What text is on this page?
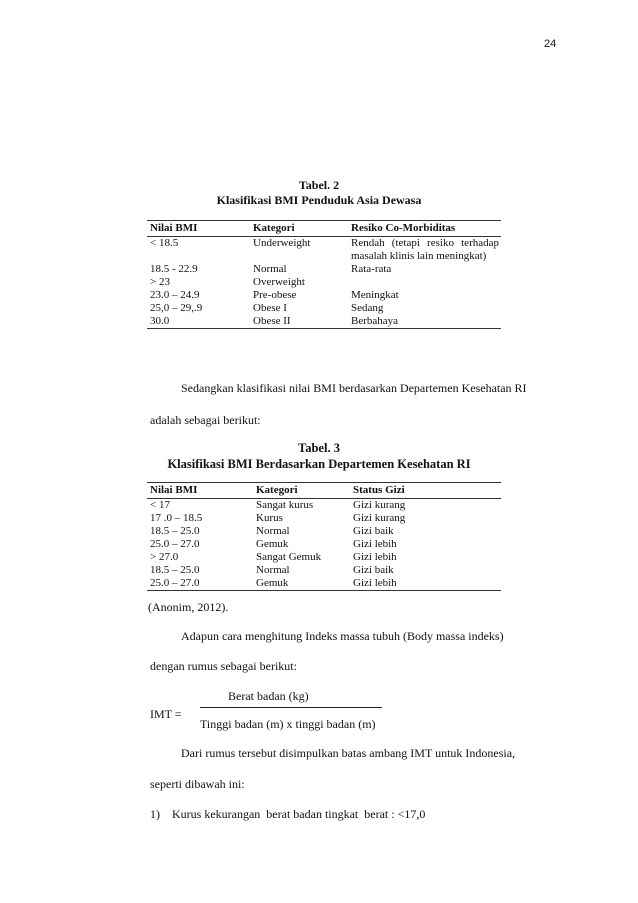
24
Tabel. 2
Klasifikasi BMI Penduduk Asia Dewasa
Nilai BMI	Kategori	Resiko Co-Morbiditas
< 18.5	Underweight	Rendah (tetapi resiko terhadap masalah klinis lain meningkat)
18.5 - 22.9	Normal	Rata-rata
> 23	Overweight	
23.0 – 24.9	Pre-obese	Meningkat
25,0 – 29,.9	Obese I	Sedang
30.0	Obese II	Berbahaya
Sedangkan klasifikasi nilai BMI berdasarkan Departemen Kesehatan RI
adalah sebagai berikut:
Tabel. 3
Klasifikasi BMI Berdasarkan Departemen Kesehatan RI
Nilai BMI	Kategori	Status Gizi
< 17	Sangat kurus	Gizi kurang
17 .0 – 18.5	Kurus	Gizi kurang
18.5 – 25.0	Normal	Gizi baik
25.0 – 27.0	Gemuk	Gizi lebih
> 27.0	Sangat Gemuk	Gizi lebih
18.5 – 25.0	Normal	Gizi baik
25.0 – 27.0	Gemuk	Gizi lebih
(Anonim, 2012).
Adapun cara menghitung Indeks massa tubuh (Body massa indeks)
dengan rumus sebagai berikut:
Berat badan (kg)
IMT =
Tinggi badan (m) x tinggi badan (m)
Dari rumus tersebut disimpulkan batas ambang IMT untuk Indonesia,
seperti dibawah ini:
1)    Kurus kekurangan  berat badan tingkat  berat : <17,0
